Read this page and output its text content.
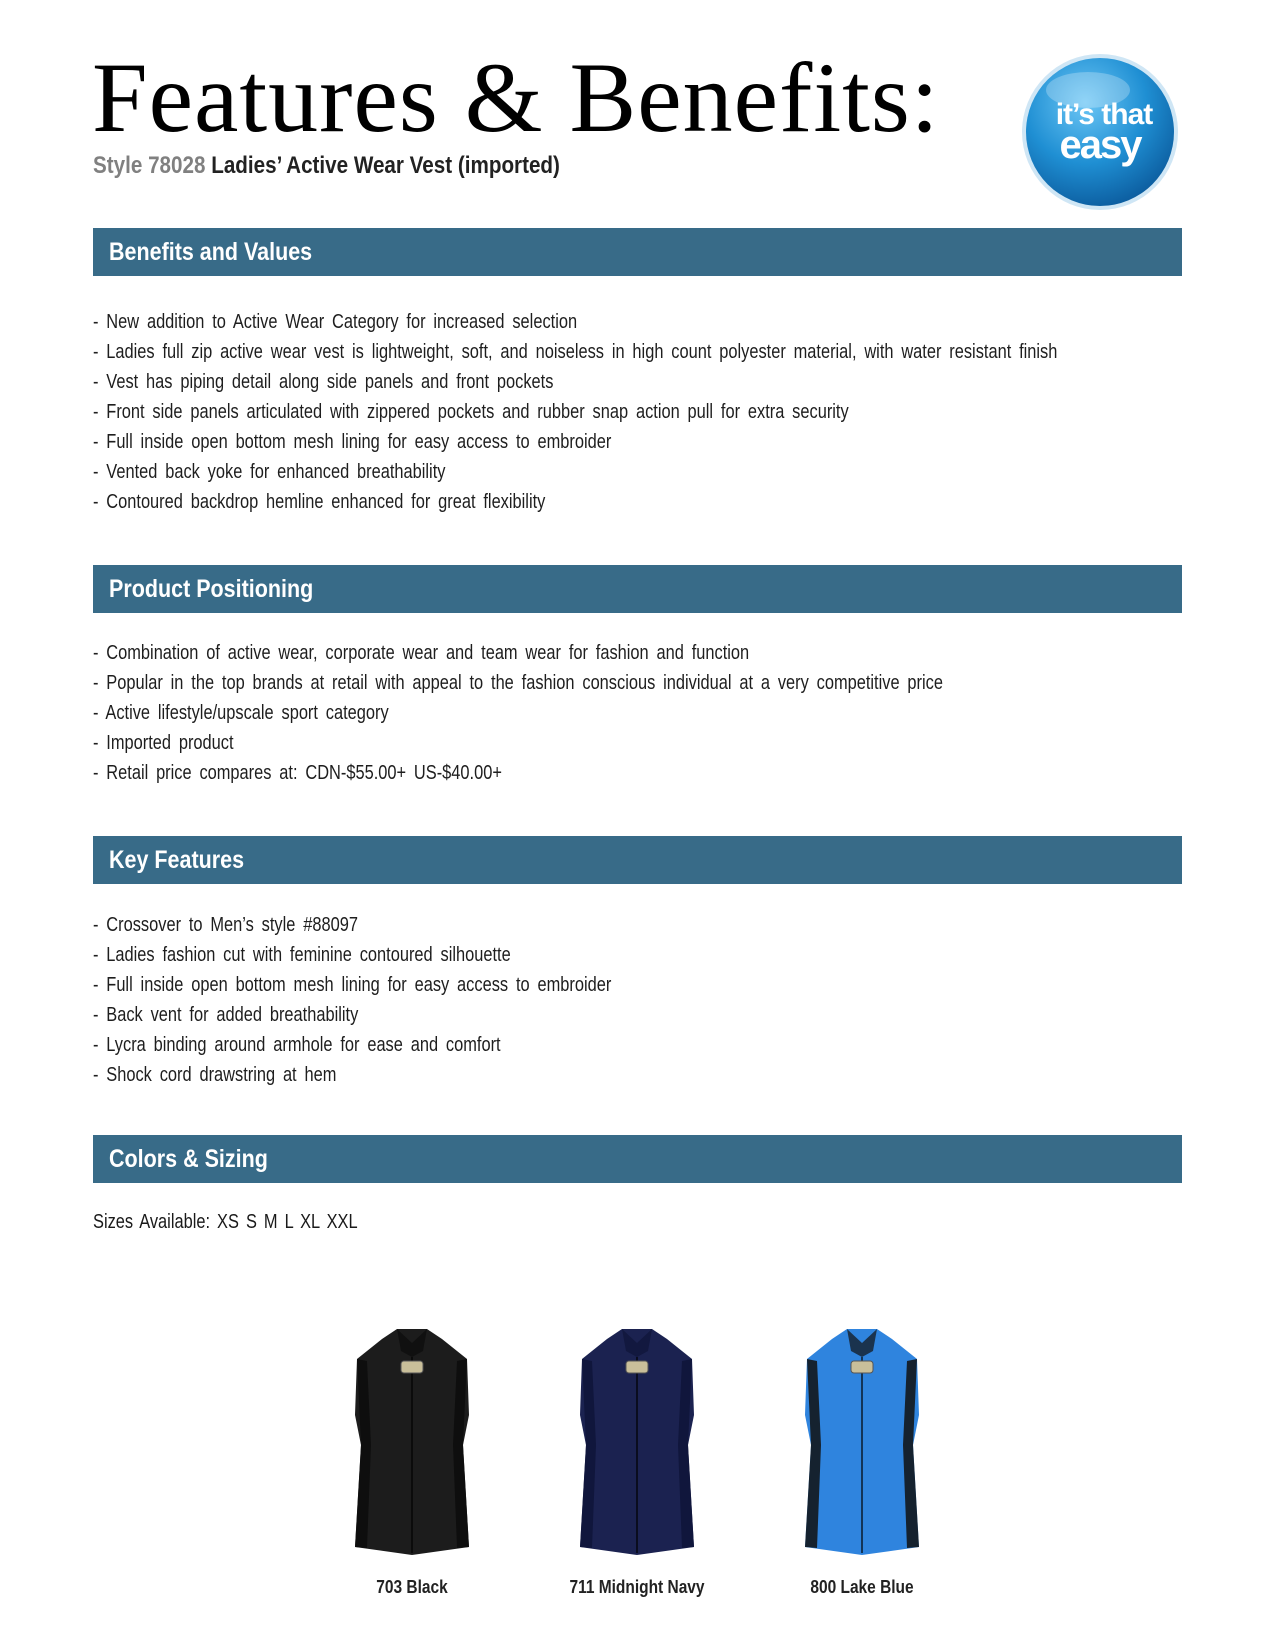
Features & Benefits:
Style 78028 Ladies’ Active Wear Vest (imported)
it’s that
easy
Benefits and Values
- New addition to Active Wear Category for increased selection
- Ladies full zip active wear vest is lightweight, soft, and noiseless in high count polyester material, with water resistant finish
- Vest has piping detail along side panels and front pockets
- Front side panels articulated with zippered pockets and rubber snap action pull for extra security
- Full inside open bottom mesh lining for easy access to embroider
- Vented back yoke for enhanced breathability
- Contoured backdrop hemline enhanced for great flexibility
Product Positioning
- Combination of active wear, corporate wear and team wear for fashion and function
- Popular in the top brands at retail with appeal to the fashion conscious individual at a very competitive price
- Active lifestyle/upscale sport category
- Imported product
- Retail price compares at: CDN-$55.00+ US-$40.00+
Key Features
- Crossover to Men’s style #88097
- Ladies fashion cut with feminine contoured silhouette
- Full inside open bottom mesh lining for easy access to embroider
- Back vent for added breathability
- Lycra binding around armhole for ease and comfort
- Shock cord drawstring at hem
Colors & Sizing
Sizes Available: XS S M L XL XXL
703 Black	711 Midnight Navy	800 Lake Blue
